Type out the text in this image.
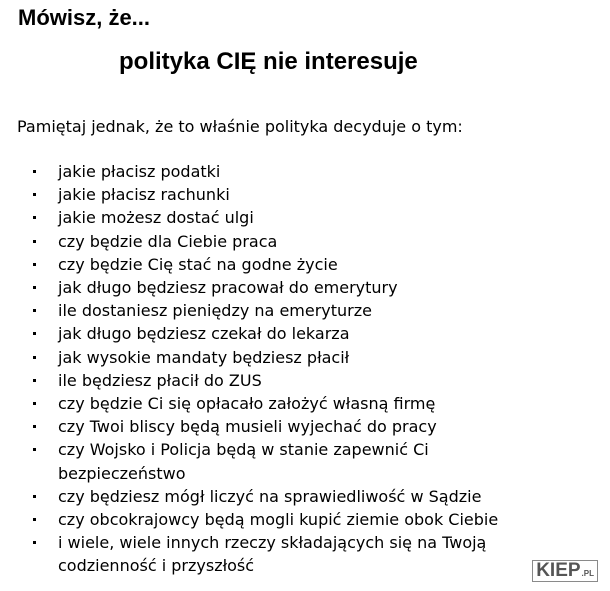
Mówisz, że...
polityka CIĘ nie interesuje

Pamiętaj jednak, że to właśnie polityka decyduje o tym:

jakie płacisz podatki
jakie płacisz rachunki
jakie możesz dostać ulgi
czy będzie dla Ciebie praca
czy będzie Cię stać na godne życie
jak długo będziesz pracował do emerytury
ile dostaniesz pieniędzy na emeryturze
jak długo będziesz czekał do lekarza
jak wysokie mandaty będziesz płacił
ile będziesz płacił do ZUS
czy będzie Ci się opłacało założyć własną firmę
czy Twoi bliscy będą musieli wyjechać do pracy
czy Wojsko i Policja będą w stanie zapewnić Ci
bezpieczeństwo
czy będziesz mógł liczyć na sprawiedliwość w Sądzie
czy obcokrajowcy będą mogli kupić ziemie obok Ciebie
i wiele, wiele innych rzeczy składających się na Twoją
codzienność i przyszłość	KIEP .PL
